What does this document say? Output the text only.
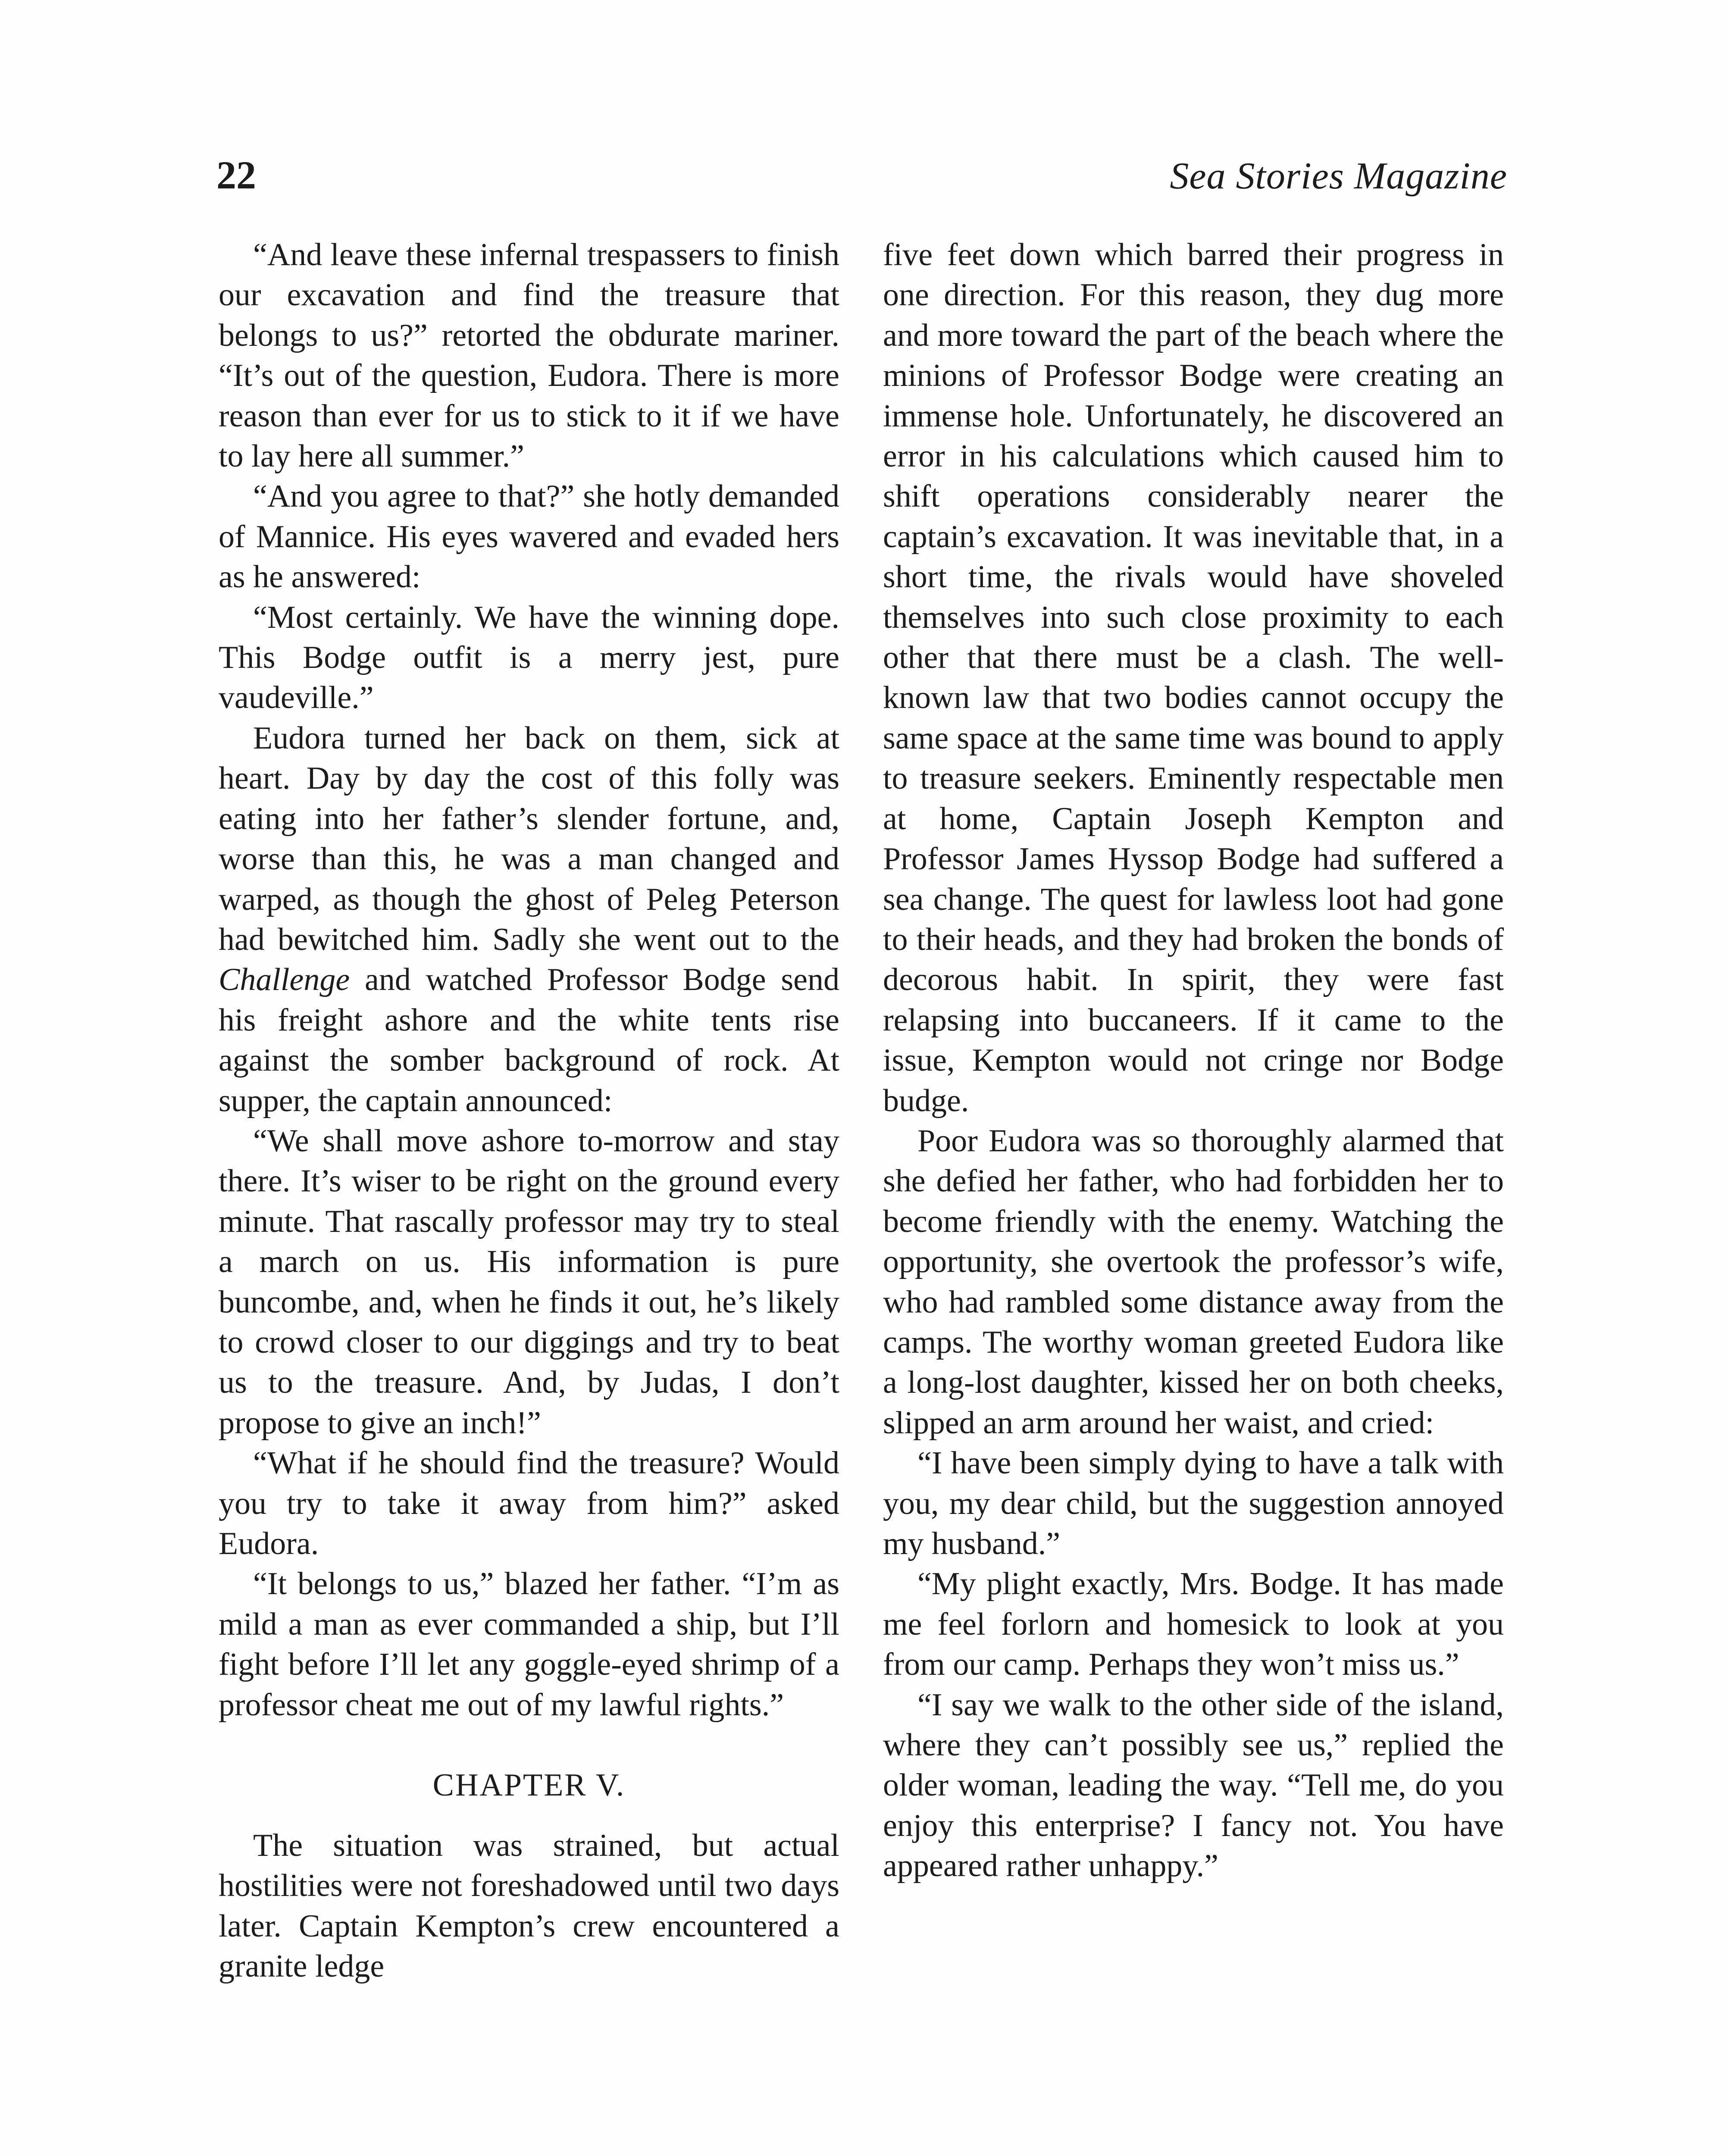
22	Sea Stories Magazine

“And leave these infernal trespassers to finish our excavation and find the treasure that belongs to us?” retorted the obdurate mariner. “It’s out of the question, Eudora. There is more reason than ever for us to stick to it if we have to lay here all summer.”

“And you agree to that?” she hotly demanded of Mannice. His eyes wavered and evaded hers as he answered:

“Most certainly. We have the winning dope. This Bodge outfit is a merry jest, pure vaudeville.”

Eudora turned her back on them, sick at heart. Day by day the cost of this folly was eating into her father’s slender fortune, and, worse than this, he was a man changed and warped, as though the ghost of Peleg Peterson had bewitched him. Sadly she went out to the Challenge and watched Professor Bodge send his freight ashore and the white tents rise against the somber background of rock. At supper, the captain announced:

“We shall move ashore to-morrow and stay there. It’s wiser to be right on the ground every minute. That rascally professor may try to steal a march on us. His information is pure buncombe, and, when he finds it out, he’s likely to crowd closer to our diggings and try to beat us to the treasure. And, by Judas, I don’t propose to give an inch!”

“What if he should find the treasure? Would you try to take it away from him?” asked Eudora.

“It belongs to us,” blazed her father. “I’m as mild a man as ever commanded a ship, but I’ll fight before I’ll let any goggle-eyed shrimp of a professor cheat me out of my lawful rights.”

CHAPTER V.

The situation was strained, but actual hostilities were not foreshadowed until two days later. Captain Kempton’s crew encountered a granite ledge

five feet down which barred their progress in one direction. For this reason, they dug more and more toward the part of the beach where the minions of Professor Bodge were creating an immense hole. Unfortunately, he discovered an error in his calculations which caused him to shift operations considerably nearer the captain’s excavation. It was inevitable that, in a short time, the rivals would have shoveled themselves into such close proximity to each other that there must be a clash. The well-known law that two bodies cannot occupy the same space at the same time was bound to apply to treasure seekers. Eminently respectable men at home, Captain Joseph Kempton and Professor James Hyssop Bodge had suffered a sea change. The quest for lawless loot had gone to their heads, and they had broken the bonds of decorous habit. In spirit, they were fast relapsing into buccaneers. If it came to the issue, Kempton would not cringe nor Bodge budge.

Poor Eudora was so thoroughly alarmed that she defied her father, who had forbidden her to become friendly with the enemy. Watching the opportunity, she overtook the professor’s wife, who had rambled some distance away from the camps. The worthy woman greeted Eudora like a long-lost daughter, kissed her on both cheeks, slipped an arm around her waist, and cried:

“I have been simply dying to have a talk with you, my dear child, but the suggestion annoyed my husband.”

“My plight exactly, Mrs. Bodge. It has made me feel forlorn and homesick to look at you from our camp. Perhaps they won’t miss us.”

“I say we walk to the other side of the island, where they can’t possibly see us,” replied the older woman, leading the way. “Tell me, do you enjoy this enterprise? I fancy not. You have appeared rather unhappy.”
